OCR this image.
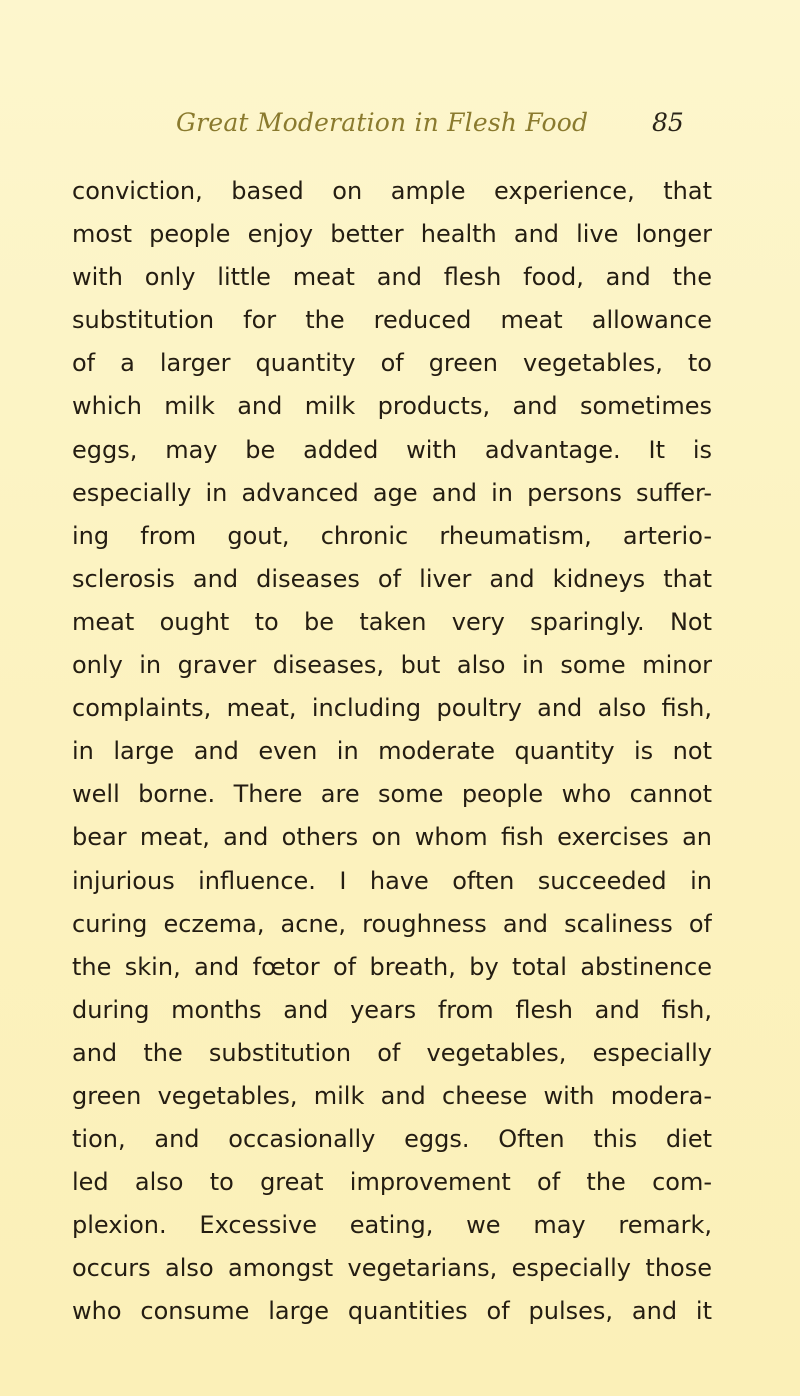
Great Moderation in Flesh Food	85
conviction, based on ample experience, that
most people enjoy better health and live longer
with only little meat and flesh food, and the
substitution for the reduced meat allowance
of a larger quantity of green vegetables, to
which milk and milk products, and sometimes
eggs, may be added with advantage. It is
especially in advanced age and in persons suffer-
ing from gout, chronic rheumatism, arterio-
sclerosis and diseases of liver and kidneys that
meat ought to be taken very sparingly. Not
only in graver diseases, but also in some minor
complaints, meat, including poultry and also fish,
in large and even in moderate quantity is not
well borne. There are some people who cannot
bear meat, and others on whom fish exercises an
injurious influence. I have often succeeded in
curing eczema, acne, roughness and scaliness of
the skin, and fœtor of breath, by total abstinence
during months and years from flesh and fish,
and the substitution of vegetables, especially
green vegetables, milk and cheese with modera-
tion, and occasionally eggs. Often this diet
led also to great improvement of the com-
plexion. Excessive eating, we may remark,
occurs also amongst vegetarians, especially those
who consume large quantities of pulses, and it
